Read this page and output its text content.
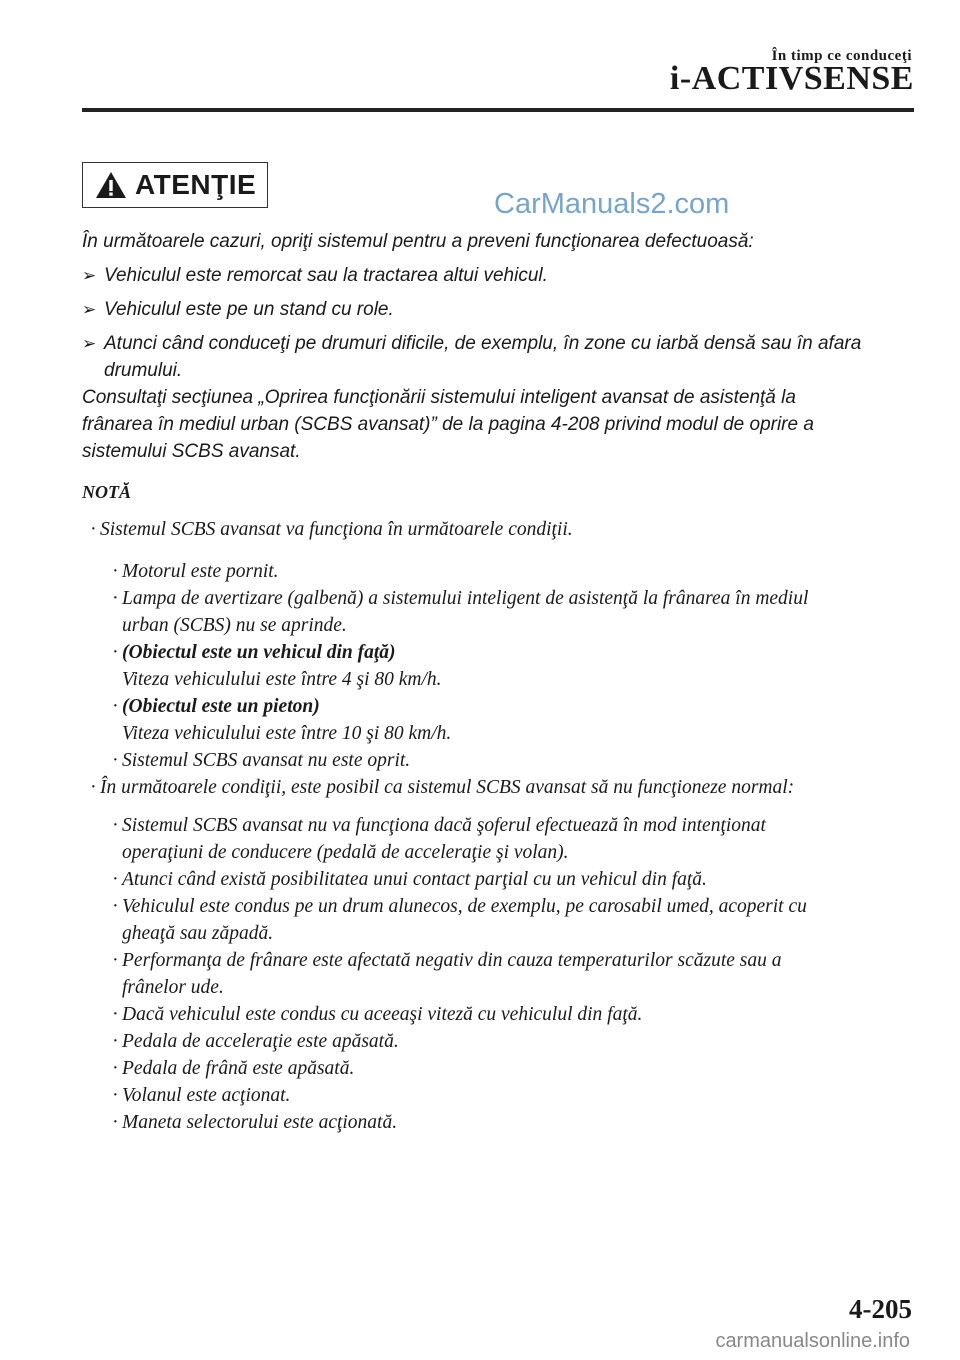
În timp ce conduceţi
i-ACTIVSENSE
ATENŢIE
CarManuals2.com
În următoarele cazuri, opriţi sistemul pentru a preveni funcţionarea defectuoasă:
➢ Vehiculul este remorcat sau la tractarea altui vehicul.
➢ Vehiculul este pe un stand cu role.
➢ Atunci când conduceţi pe drumuri dificile, de exemplu, în zone cu iarbă densă sau în afara drumului.
Consultaţi secţiunea „Oprirea funcţionării sistemului inteligent avansat de asistenţă la
frânarea în mediul urban (SCBS avansat)” de la pagina 4-208 privind modul de oprire a
sistemului SCBS avansat.
NOTĂ
· Sistemul SCBS avansat va funcţiona în următoarele condiţii.
· Motorul este pornit.
· Lampa de avertizare (galbenă) a sistemului inteligent de asistenţă la frânarea în mediul
urban (SCBS) nu se aprinde.
· (Obiectul este un vehicul din faţă)
Viteza vehiculului este între 4 şi 80 km/h.
· (Obiectul este un pieton)
Viteza vehiculului este între 10 şi 80 km/h.
· Sistemul SCBS avansat nu este oprit.
· În următoarele condiţii, este posibil ca sistemul SCBS avansat să nu funcţioneze normal:
· Sistemul SCBS avansat nu va funcţiona dacă şoferul efectuează în mod intenţionat
operaţiuni de conducere (pedală de acceleraţie şi volan).
· Atunci când există posibilitatea unui contact parţial cu un vehicul din faţă.
· Vehiculul este condus pe un drum alunecos, de exemplu, pe carosabil umed, acoperit cu
gheaţă sau zăpadă.
· Performanţa de frânare este afectată negativ din cauza temperaturilor scăzute sau a
frânelor ude.
· Dacă vehiculul este condus cu aceeaşi viteză cu vehiculul din faţă.
· Pedala de acceleraţie este apăsată.
· Pedala de frână este apăsată.
· Volanul este acţionat.
· Maneta selectorului este acţionată.
4-205
carmanualsonline.info
